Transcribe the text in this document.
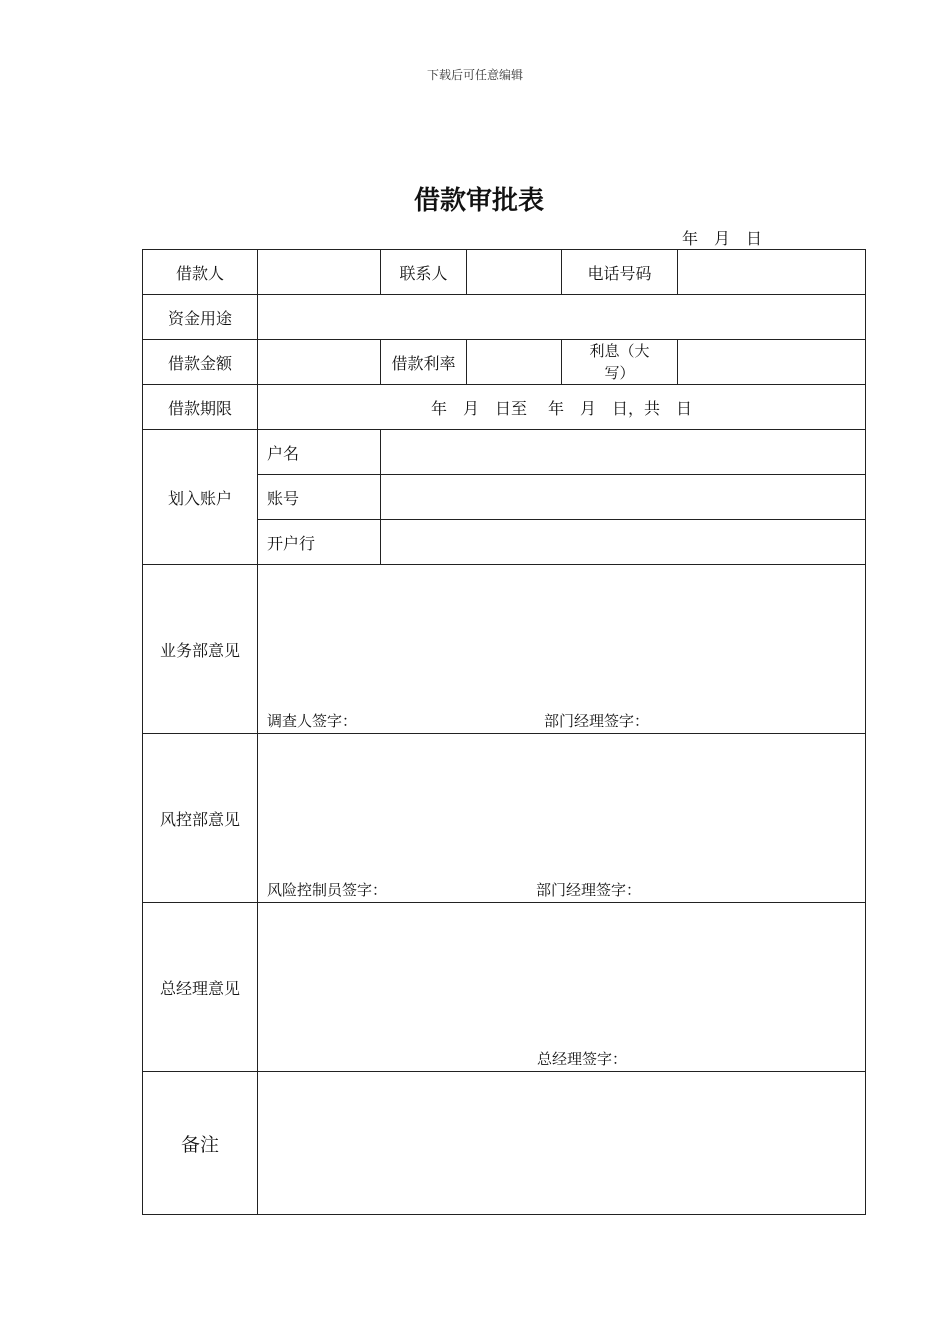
下载后可任意编辑
借款审批表
年 月 日
借款人		联系人		电话号码	
资金用途					
借款金额		借款利率		利息（大
写）	

借款期限	年　月　日至　 年　月　日，共　日				
划入账户	户名				
	账号				
	开户行				
业务部意见	调查人签字： 部门经理签字：				

风控部意见	风险控制员签字： 部门经理签字：				

总经理意见	总经理签字：				

备注					
